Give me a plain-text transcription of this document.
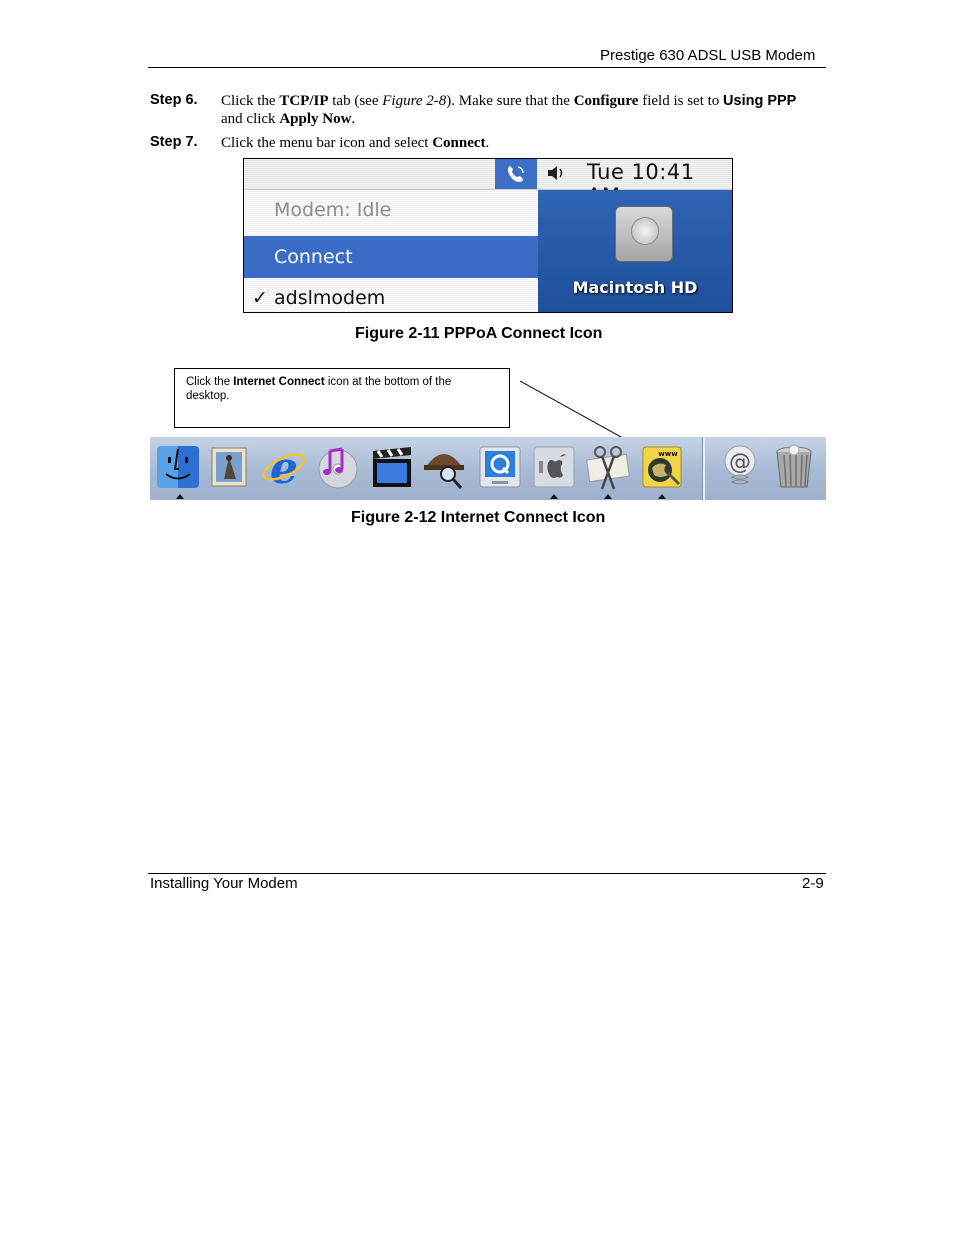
Prestige 630 ADSL USB Modem
Step 6. Click the TCP/IP tab (see Figure 2-8). Make sure that the Configure field is set to Using PPP
and click Apply Now.
Step 7. Click the menu bar icon and select Connect.
Tue 10:41
Modem: Idle
Connect
✓ adslmodem	Macintosh HD
Figure 2-11 PPPoA Connect Icon
Click the Internet Connect icon at the bottom of the desktop.
e	www @
Figure 2-12 Internet Connect Icon
Installing Your Modem	2-9
